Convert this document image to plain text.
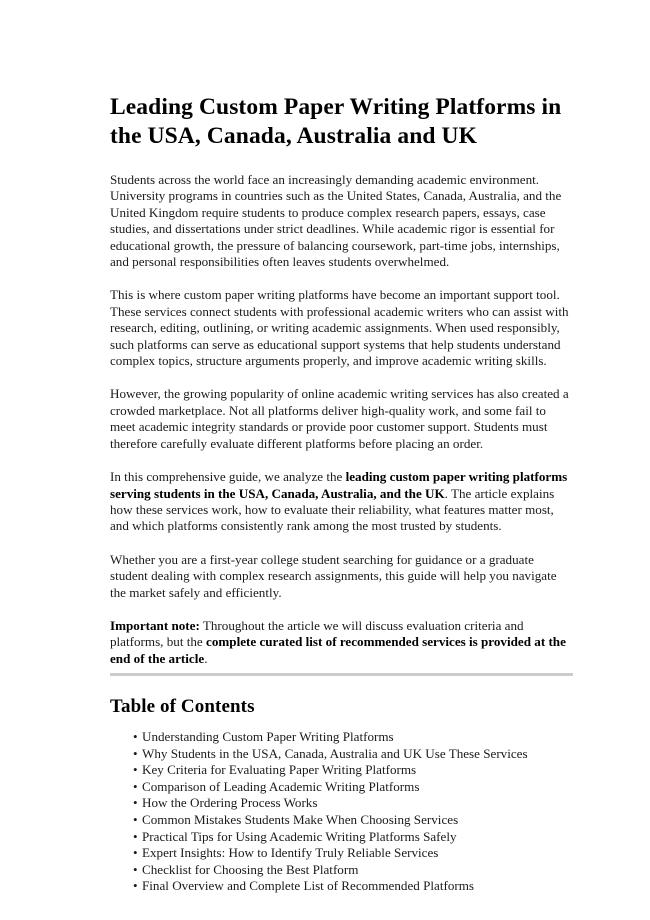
Leading Custom Paper Writing Platforms in the USA, Canada, Australia and UK

Students across the world face an increasingly demanding academic environment. University programs in countries such as the United States, Canada, Australia, and the United Kingdom require students to produce complex research papers, essays, case studies, and dissertations under strict deadlines. While academic rigor is essential for educational growth, the pressure of balancing coursework, part-time jobs, internships, and personal responsibilities often leaves students overwhelmed.

This is where custom paper writing platforms have become an important support tool. These services connect students with professional academic writers who can assist with research, editing, outlining, or writing academic assignments. When used responsibly, such platforms can serve as educational support systems that help students understand complex topics, structure arguments properly, and improve academic writing skills.

However, the growing popularity of online academic writing services has also created a crowded marketplace. Not all platforms deliver high-quality work, and some fail to meet academic integrity standards or provide poor customer support. Students must therefore carefully evaluate different platforms before placing an order.

In this comprehensive guide, we analyze the leading custom paper writing platforms serving students in the USA, Canada, Australia, and the UK. The article explains how these services work, how to evaluate their reliability, what features matter most, and which platforms consistently rank among the most trusted by students.

Whether you are a first-year college student searching for guidance or a graduate student dealing with complex research assignments, this guide will help you navigate the market safely and efficiently.

Important note: Throughout the article we will discuss evaluation criteria and platforms, but the complete curated list of recommended services is provided at the end of the article.

Table of Contents
• Understanding Custom Paper Writing Platforms
• Why Students in the USA, Canada, Australia and UK Use These Services
• Key Criteria for Evaluating Paper Writing Platforms
• Comparison of Leading Academic Writing Platforms
• How the Ordering Process Works
• Common Mistakes Students Make When Choosing Services
• Practical Tips for Using Academic Writing Platforms Safely
• Expert Insights: How to Identify Truly Reliable Services
• Checklist for Choosing the Best Platform
• Final Overview and Complete List of Recommended Platforms
